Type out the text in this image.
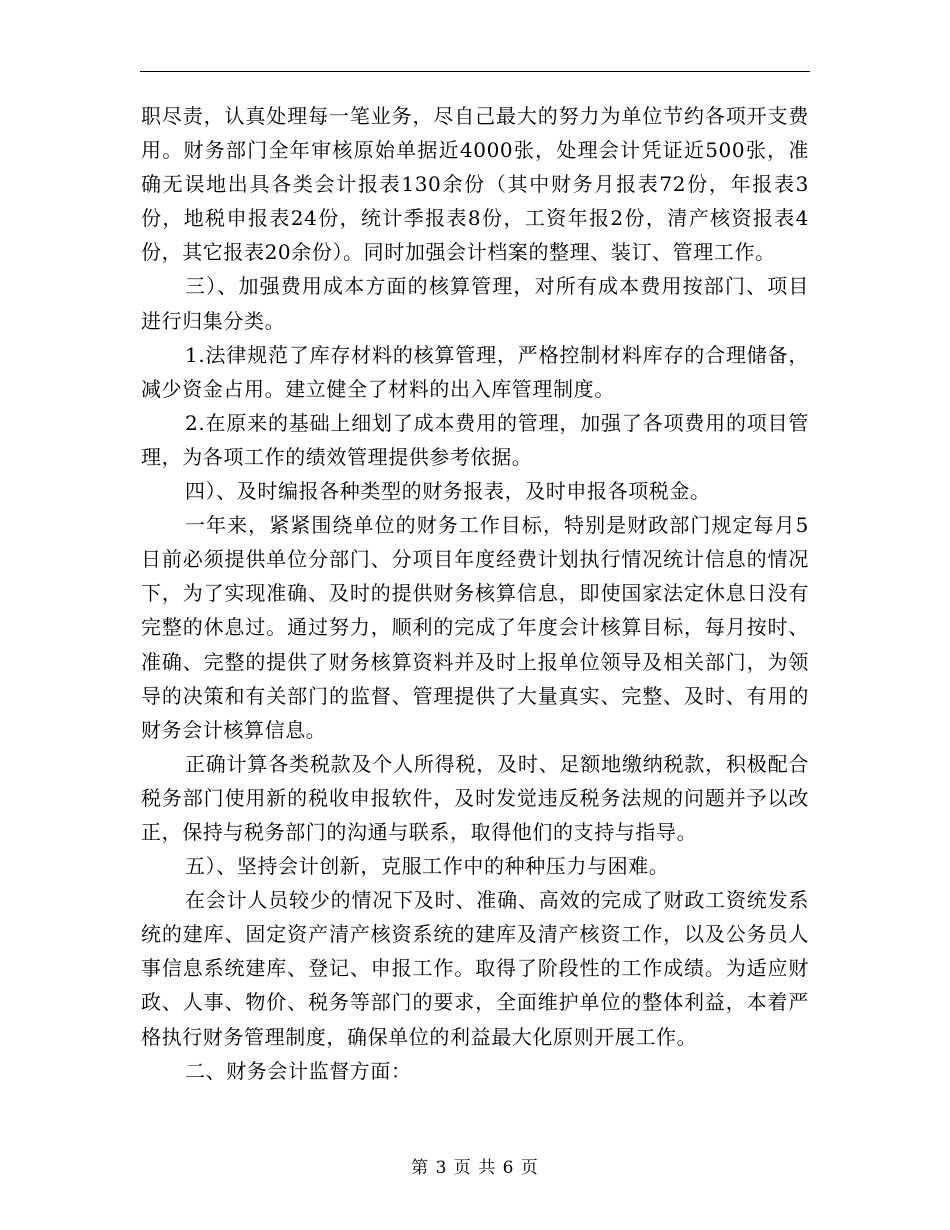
职尽责，认真处理每一笔业务，尽自己最大的努力为单位节约各项开支费用。财务部门全年审核原始单据近4000张，处理会计凭证近500张，准确无误地出具各类会计报表130余份（其中财务月报表72份，年报表3份，地税申报表24份，统计季报表8份，工资年报2份，清产核资报表4份，其它报表20余份）。同时加强会计档案的整理、装订、管理工作。

三）、加强费用成本方面的核算管理，对所有成本费用按部门、项目进行归集分类。

1.法律规范了库存材料的核算管理，严格控制材料库存的合理储备，减少资金占用。建立健全了材料的出入库管理制度。

2.在原来的基础上细划了成本费用的管理，加强了各项费用的项目管理，为各项工作的绩效管理提供参考依据。

四）、及时编报各种类型的财务报表，及时申报各项税金。

一年来，紧紧围绕单位的财务工作目标，特别是财政部门规定每月5日前必须提供单位分部门、分项目年度经费计划执行情况统计信息的情况下，为了实现准确、及时的提供财务核算信息，即使国家法定休息日没有完整的休息过。通过努力，顺利的完成了年度会计核算目标，每月按时、准确、完整的提供了财务核算资料并及时上报单位领导及相关部门，为领导的决策和有关部门的监督、管理提供了大量真实、完整、及时、有用的财务会计核算信息。

正确计算各类税款及个人所得税，及时、足额地缴纳税款，积极配合税务部门使用新的税收申报软件，及时发觉违反税务法规的问题并予以改正，保持与税务部门的沟通与联系，取得他们的支持与指导。

五）、坚持会计创新，克服工作中的种种压力与困难。

在会计人员较少的情况下及时、准确、高效的完成了财政工资统发系统的建库、固定资产清产核资系统的建库及清产核资工作，以及公务员人事信息系统建库、登记、申报工作。取得了阶段性的工作成绩。为适应财政、人事、物价、税务等部门的要求，全面维护单位的整体利益，本着严格执行财务管理制度，确保单位的利益最大化原则开展工作。

二、财务会计监督方面：

第 3 页 共 6 页
